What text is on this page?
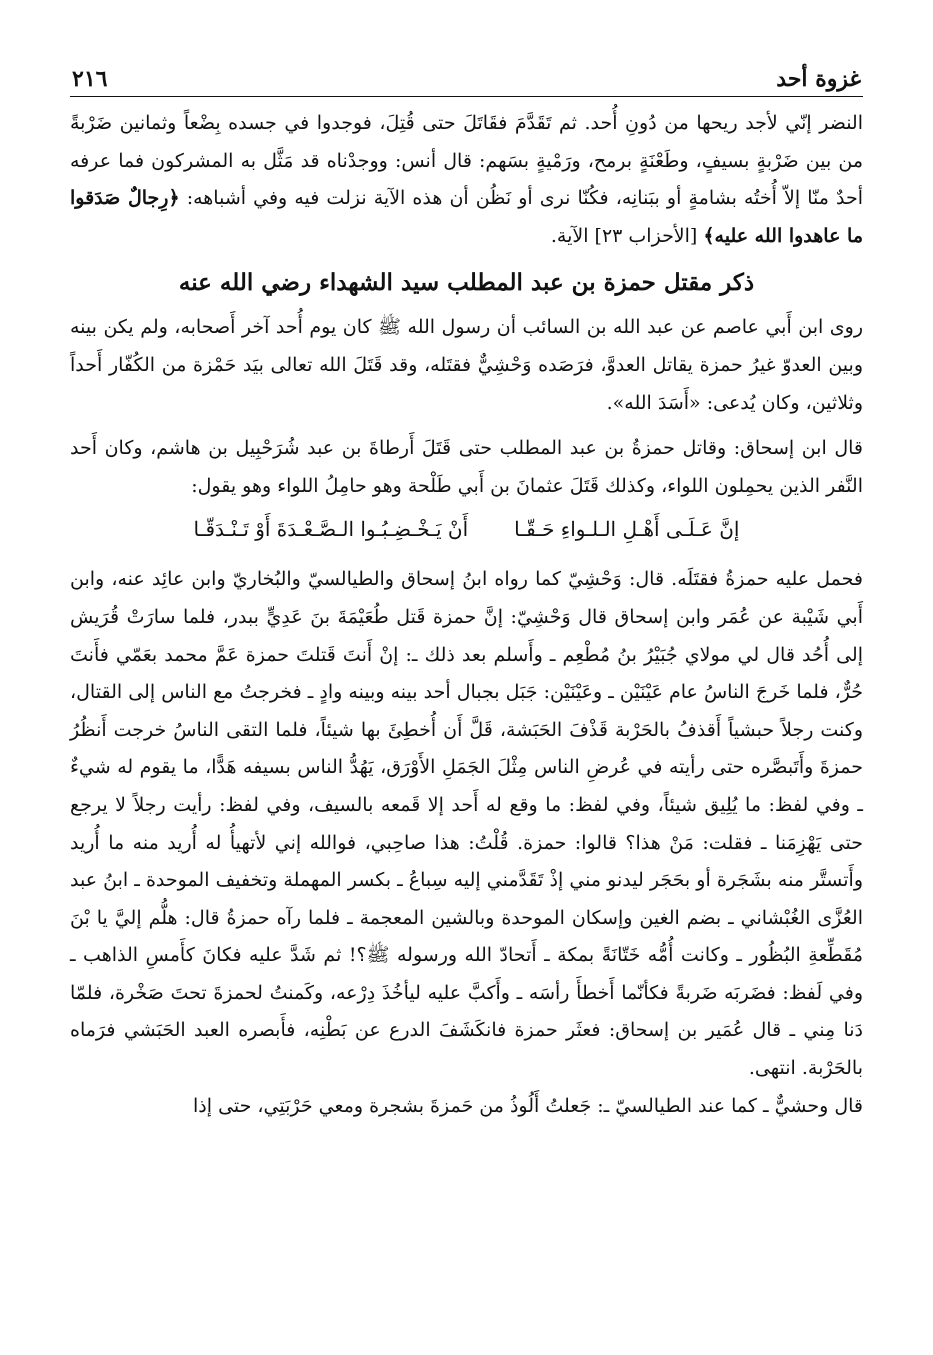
غزوة أحد
٢١٦

النضر إنّي لأجد ريحها من دُونِ أُحد. ثم تَقَدَّمَ فقَاتَلَ حتى قُتِلَ، فوجدوا في جسده بِضْعاً وثمانين ضَرْبةً من بين ضَرْبةٍ بسيفٍ، وطَعْنَةٍ برمح، ورَمْيةٍ بسَهم: قال أنس: ووجدْناه قد مَثَّل به المشركون فما عرفه أحدٌ منّا إلاّ أُختُه بشامةٍ أو ببَنانِه، فكُنّا نرى أو نَظُن أن هذه الآية نزلت فيه وفي أشباهه: ﴿رِجالٌ صَدَقوا ما عاهدوا الله عليه﴾ [الأحزاب ٢٣] الآية.

ذكر مقتل حمزة بن عبد المطلب سيد الشهداء رضي الله عنه

روى ابن أَبي عاصم عن عبد الله بن السائب أن رسول الله ﷺ كان يوم أُحد آخر أَصحابه، ولم يكن بينه وبين العدوّ غيرُ حمزة يقاتل العدوَّ، فرَصَده وَحْشِيٌّ فقتَله، وقد قَتَلَ الله تعالى بيَد حَمْزة من الكُفّار أَحداً وثلاثين، وكان يُدعى: «أَسَدَ الله».

قال ابن إسحاق: وقاتل حمزةُ بن عبد المطلب حتى قَتَلَ أَرطاةَ بن عبد شُرَحْبِيل بن هاشم، وكان أَحد النَّفر الذين يحمِلون اللواء، وكذلك قَتَلَ عثمانَ بن أَبي طَلْحة وهو حامِلُ اللواء وهو يقول:

إنَّ عَـلَـى أَهْـلِ الـلـواءِ حَـقّـا
أَنْ يَـخْـضِـبُـوا الـصَّـعْـدَةَ أَوْ تَـنْـدَقّـا

فحمل عليه حمزةُ فقتَلَه. قال: وَحْشِيّ كما رواه ابنُ إسحاق والطيالسيّ والبُخاريّ وابن عائِد عنه، وابن أَبي شَيْبة عن عُمَر وابن إسحاق قال وَحْشِيّ: إنَّ حمزة قَتل طُعَيْمَةَ بنَ عَدِيٍّ ببدر، فلما سارَتْ قُرَيش إلى أُحُد قال لي مولاي جُبَيْرُ بنُ مُطْعِم ـ وأَسلم بعد ذلك ـ: إنْ أَنتَ قَتلتَ حمزة عَمَّ محمد بعَمّي فأَنتَ حُرٌّ، فلما خَرجَ الناسُ عام عَيْنَيْن ـ وعَيْنَيْن: جَبَل بجبال أحد بينه وبينه وادٍ ـ فخرجتُ مع الناس إلى القتال، وكنت رجلاً حبشياً أَقذفُ بالحَرْبة قَذْفَ الحَبَشة، قَلَّ أَن أُخطِئَ بها شيئاً، فلما التقى الناسُ خرجت أَنظُرُ حمزةَ وأَتَبصَّره حتى رأيته في عُرضِ الناس مِثْلَ الجَمَلِ الأَوْرَق، يَهُدُّ الناس بسيفه هَدًّا، ما يقوم له شيءٌ ـ وفي لفظ: ما يُلِيق شيئاً، وفي لفظ: ما وقع له أَحد إلا قَمعه بالسيف، وفي لفظ: رأيت رجلاً لا يرجع حتى يَهْزِمَنا ـ فقلت: مَنْ هذا؟ قالوا: حمزة. قُلْتُ: هذا صاحِبي، فوالله إني لأتهيأُ له أُريد منه ما أُريد وأَتستَّر منه بشَجَرة أو بحَجَر ليدنو مني إذْ تَقَدَّمني إليه سِباعُ ـ بكسر المهملة وتخفيف الموحدة ـ ابنُ عبد العُزَّى الغُبْشاني ـ بضم الغين وإسكان الموحدة وبالشين المعجمة ـ فلما رآه حمزةُ قال: هلُّم إليَّ يا بْنَ مُقَطِّعةِ البُظُور ـ وكانت أُمُّه خَتّانَةً بمكة ـ أَتحادّ الله ورسوله ﷺ؟! ثم شَدَّ عليه فكانَ كأَمسِ الذاهب ـ وفي لَفظ: فضَربَه ضَربةً فكأنّما أَخطأَ رأسَه ـ وأَكبَّ عليه ليأخُذَ دِرْعه، وكَمنتُ لحمزةَ تحتَ صَخْرة، فلمّا دَنا مِني ـ قال عُمَير بن إسحاق: فعثَر حمزة فانكَشَفَ الدرع عن بَطْنِه، فأَبصره العبد الحَبَشي فرَماه بالحَرْبة. انتهى.

قال وحشيٌّ ـ كما عند الطيالسيّ ـ: جَعلتُ أَلُوذُ من حَمزةَ بشجرة ومعي حَرْبَتِي، حتى إذا
